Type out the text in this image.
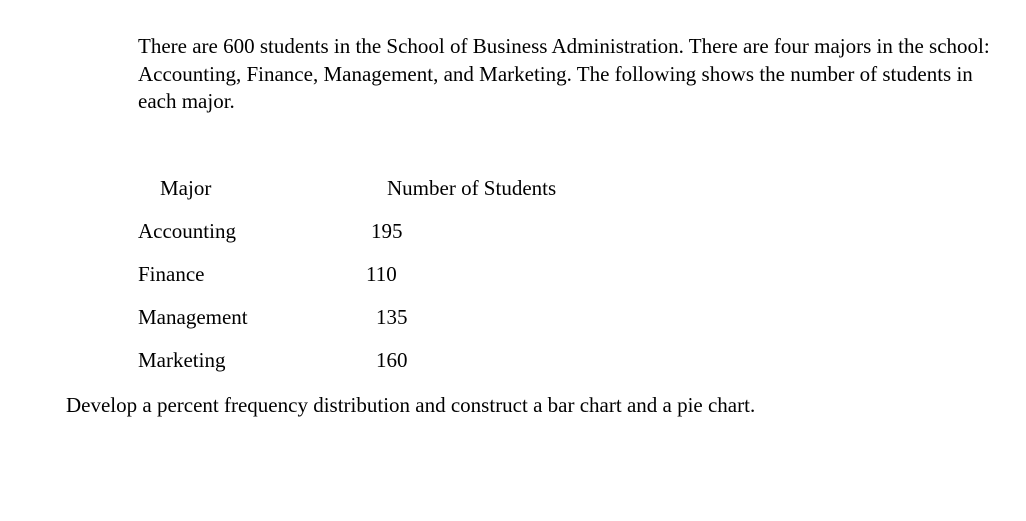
There are 600 students in the School of Business Administration. There are four majors in the school: Accounting, Finance, Management, and Marketing. The following shows the number of students in each major.

Major	Number of Students
Accounting	195
Finance	110
Management	135
Marketing	160

Develop a percent frequency distribution and construct a bar chart and a pie chart.
